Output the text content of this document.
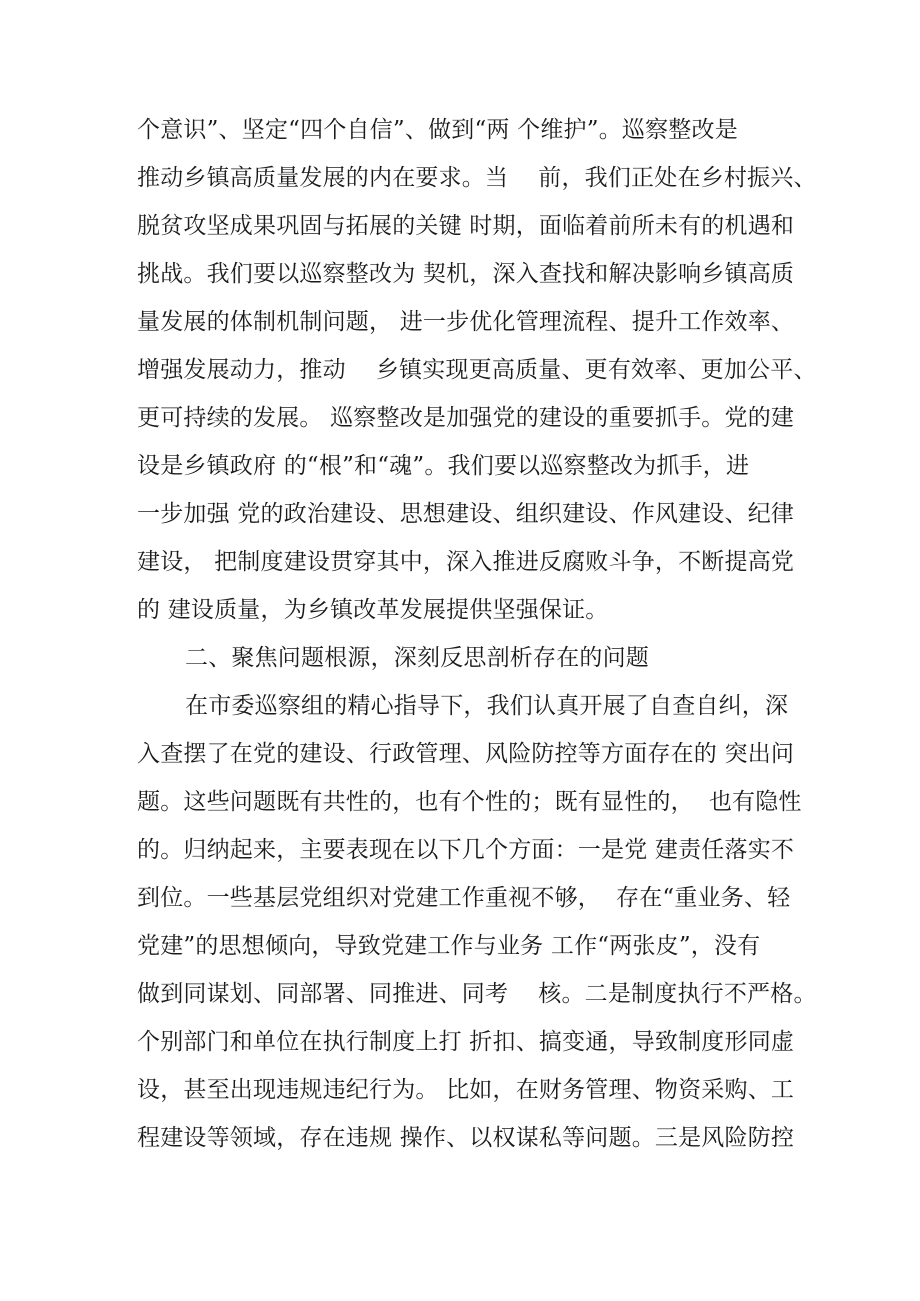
个意识”、坚定“四个自信”、做到“两 个维护”。巡察整改是
推动乡镇高质量发展的内在要求。当    前，我们正处在乡村振兴、
脱贫攻坚成果巩固与拓展的关键 时期，面临着前所未有的机遇和
挑战。我们要以巡察整改为 契机，深入查找和解决影响乡镇高质
量发展的体制机制问题， 进一步优化管理流程、提升工作效率、
增强发展动力，推动    乡镇实现更高质量、更有效率、更加公平、
更可持续的发展。 巡察整改是加强党的建设的重要抓手。党的建
设是乡镇政府 的“根”和“魂”。我们要以巡察整改为抓手，进
一步加强 党的政治建设、思想建设、组织建设、作风建设、纪律
建设， 把制度建设贯穿其中，深入推进反腐败斗争，不断提高党
的 建设质量，为乡镇改革发展提供坚强保证。
二、聚焦问题根源，深刻反思剖析存在的问题
在市委巡察组的精心指导下，我们认真开展了自查自纠，深
入查摆了在党的建设、行政管理、风险防控等方面存在的 突出问
题。这些问题既有共性的，也有个性的；既有显性的，  也有隐性
的。归纳起来，主要表现在以下几个方面：一是党 建责任落实不
到位。一些基层党组织对党建工作重视不够，  存在“重业务、轻
党建”的思想倾向，导致党建工作与业务 工作“两张皮”，没有
做到同谋划、同部署、同推进、同考    核。二是制度执行不严格。
个别部门和单位在执行制度上打 折扣、搞变通，导致制度形同虚
设，甚至出现违规违纪行为。 比如，在财务管理、物资采购、工
程建设等领域，存在违规 操作、以权谋私等问题。三是风险防控
